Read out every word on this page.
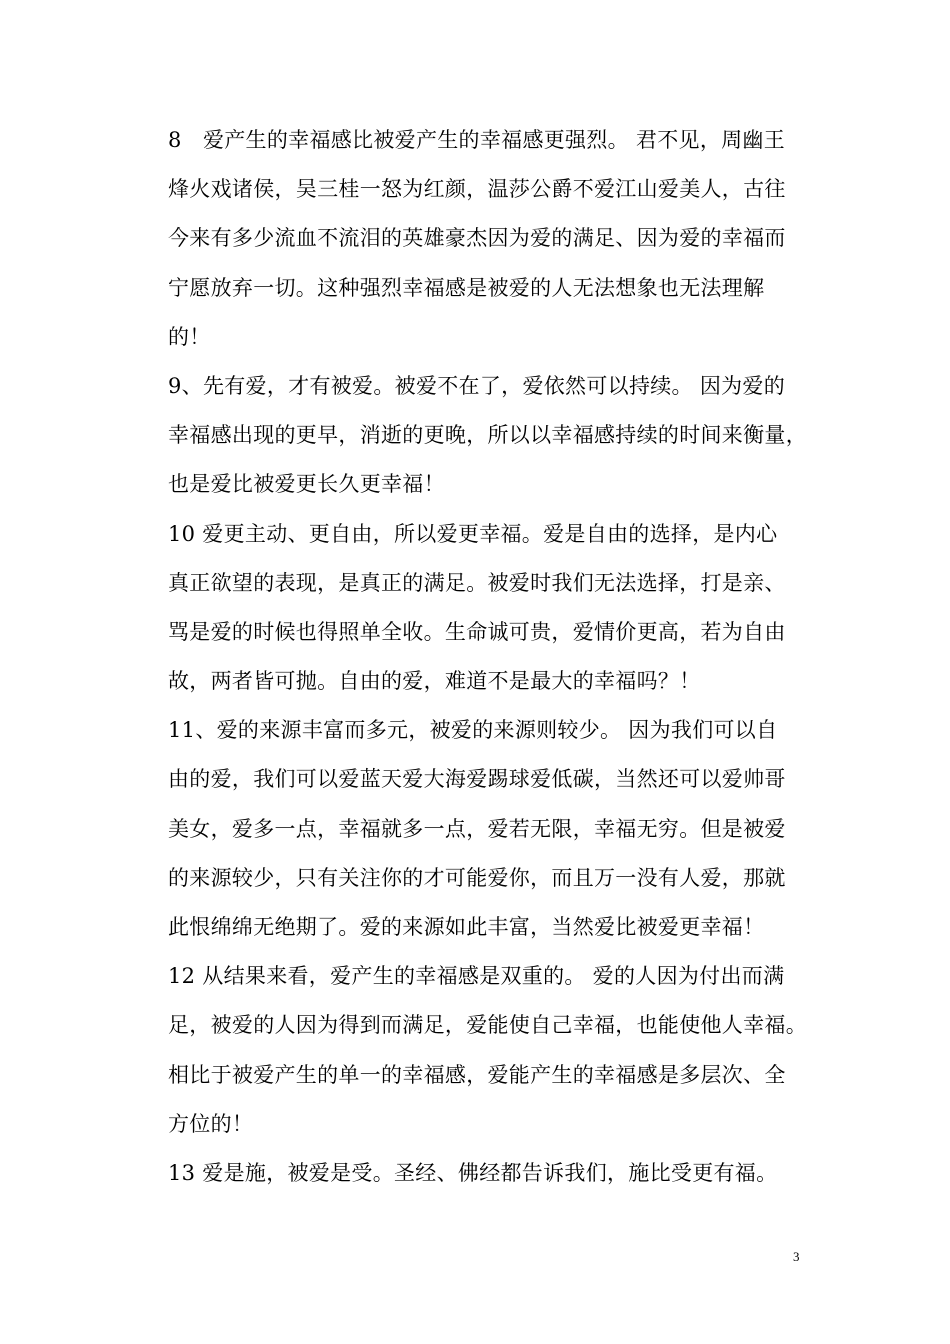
8　爱产生的幸福感比被爱产生的幸福感更强烈。 君不见，周幽王
烽火戏诸侯，吴三桂一怒为红颜，温莎公爵不爱江山爱美人，古往
今来有多少流血不流泪的英雄豪杰因为爱的满足、因为爱的幸福而
宁愿放弃一切。这种强烈幸福感是被爱的人无法想象也无法理解
的！
9、先有爱，才有被爱。被爱不在了，爱依然可以持续。 因为爱的
幸福感出现的更早，消逝的更晚，所以以幸福感持续的时间来衡量，
也是爱比被爱更长久更幸福！
10 爱更主动、更自由，所以爱更幸福。爱是自由的选择，是内心
真正欲望的表现，是真正的满足。被爱时我们无法选择，打是亲、
骂是爱的时候也得照单全收。生命诚可贵，爱情价更高，若为自由
故，两者皆可抛。自由的爱，难道不是最大的幸福吗？！
11、爱的来源丰富而多元，被爱的来源则较少。 因为我们可以自
由的爱，我们可以爱蓝天爱大海爱踢球爱低碳，当然还可以爱帅哥
美女，爱多一点，幸福就多一点，爱若无限，幸福无穷。但是被爱
的来源较少，只有关注你的才可能爱你，而且万一没有人爱，那就
此恨绵绵无绝期了。爱的来源如此丰富，当然爱比被爱更幸福！
12 从结果来看，爱产生的幸福感是双重的。 爱的人因为付出而满
足，被爱的人因为得到而满足，爱能使自己幸福，也能使他人幸福。
相比于被爱产生的单一的幸福感，爱能产生的幸福感是多层次、全
方位的！
13 爱是施，被爱是受。圣经、佛经都告诉我们，施比受更有福。
3
